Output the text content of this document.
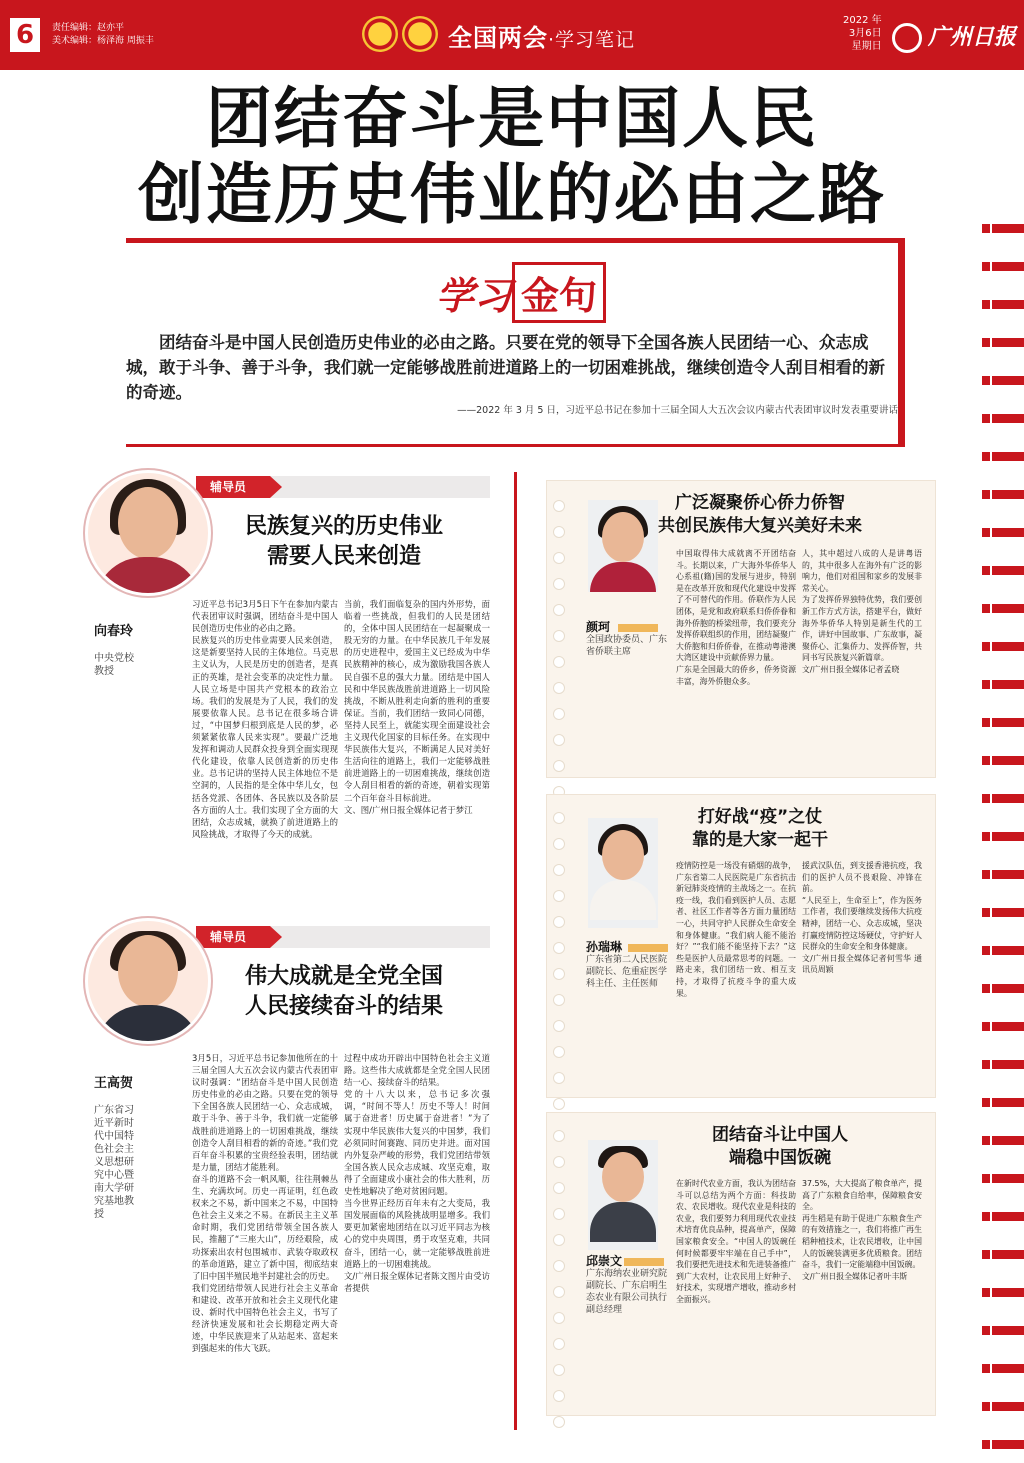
6	责任编辑：赵亦平
美术编辑：杨泽海 周振丰	全国两会·学习笔记
2022 年
3月6日
星期日	广州日报
团结奋斗是中国人民
创造历史伟业的必由之路
学习 金句
团结奋斗是中国人民创造历史伟业的必由之路。只要在党的领导下全国各族人民团结一心、众志成城，敢于斗争、善于斗争，我们就一定能够战胜前进道路上的一切困难挑战，继续创造令人刮目相看的新的奇迹。
——2022 年 3 月 5 日，习近平总书记在参加十三届全国人大五次会议内蒙古代表团审议时发表重要讲话
辅导员
民族复兴的历史伟业
需要人民来创造
向春玲
中央党校
教授
习近平总书记3月5日下午在参加内蒙古代表团审议时强调，团结奋斗是中国人民创造历史伟业的必由之路。
民族复兴的历史伟业需要人民来创造，这是新要坚持人民的主体地位。马克思主义认为，人民是历史的创造者，是真正的英雄，是社会变革的决定性力量。人民立场是中国共产党根本的政治立场。我们的发展是为了人民，我们的发展要依靠人民。总书记在很多场合讲过，“中国梦归根到底是人民的梦，必须紧紧依靠人民来实现”。要最广泛地发挥和调动人民群众投身到全面实现现代化建设，依靠人民创造新的历史伟业。总书记讲的坚持人民主体地位不是空洞的，人民指的是全体中华儿女，包括各党派、各团体、各民族以及各阶层各方面的人士。我们实现了全方面的大团结，众志成城，就换了前进道路上的风险挑战，才取得了今天的成就。
当前，我们面临复杂的国内外形势，面临着一些挑战，但我们的人民是团结的，全体中国人民团结在一起凝聚成一股无穷的力量。在中华民族几千年发展的历史进程中，爱国主义已经成为中华民族精神的核心，成为激励我国各族人民自强不息的强大力量。团结是中国人民和中华民族战胜前进道路上一切风险挑战，不断从胜利走向新的胜利的重要保证。当前，我们团结一致同心同德，坚持人民至上，就能实现全面建设社会主义现代化国家的目标任务。在实现中华民族伟大复兴，不断满足人民对美好生活向往的道路上，我们一定能够战胜前进道路上的一切困难挑战，继续创造令人刮目相看的新的奇迹，朝着实现第二个百年奋斗目标前进。
文、图/广州日报全媒体记者于梦江
辅导员
伟大成就是全党全国
人民接续奋斗的结果
王高贺
广东省习
近平新时
代中国特
色社会主
义思想研
究中心暨
南大学研
究基地教
授
3月5日，习近平总书记参加他所在的十三届全国人大五次会议内蒙古代表团审议时强调：“团结奋斗是中国人民创造历史伟业的必由之路。只要在党的领导下全国各族人民团结一心、众志成城，敢于斗争、善于斗争，我们就一定能够战胜前进道路上的一切困难挑战，继续创造令人刮目相看的新的奇迹。”我们党百年奋斗积累的宝贵经验表明，团结就是力量，团结才能胜利。
奋斗的道路不会一帆风顺，往往荆棘丛生、充满坎坷。历史一再证明，红色政权来之不易，新中国来之不易，中国特色社会主义来之不易。在新民主主义革命时期，我们党团结带领全国各族人民，推翻了“三座大山”，历经艰险，成功探索出农村包围城市、武装夺取政权的革命道路，建立了新中国，彻底结束了旧中国半殖民地半封建社会的历史。
我们党团结带领人民进行社会主义革命和建设、改革开放和社会主义现代化建设、新时代中国特色社会主义，书写了经济快速发展和社会长期稳定两大奇迹，中华民族迎来了从站起来、富起来到强起来的伟大飞跃。
过程中成功开辟出中国特色社会主义道路。这些伟大成就都是全党全国人民团结一心、接续奋斗的结果。
党的十八大以来，总书记多次强调，“时间不等人！历史不等人！时间属于奋进者！历史属于奋进者！”为了实现中华民族伟大复兴的中国梦，我们必须同时间赛跑、同历史并进。面对国内外复杂严峻的形势，我们党团结带领全国各族人民众志成城、攻坚克难，取得了全面建成小康社会的伟大胜利，历史性地解决了绝对贫困问题。
当今世界正经历百年未有之大变局，我国发展面临的风险挑战明显增多。我们要更加紧密地团结在以习近平同志为核心的党中央周围，勇于攻坚克难，共同奋斗，团结一心，就一定能够战胜前进道路上的一切困难挑战。
文/广州日报全媒体记者陈文图片由受访者提供
广泛凝聚侨心侨力侨智
共创民族伟大复兴美好未来
颜珂
全国政协委员、广东省侨联主席
中国取得伟大成就离不开团结奋斗。长期以来，广大海外华侨华人心系祖(籍)国的发展与进步，特别是在改革开放和现代化建设中发挥了不可替代的作用。侨联作为人民团体，是党和政府联系归侨侨眷和海外侨胞的桥梁纽带，我们要充分发挥侨联组织的作用，团结凝聚广大侨胞和归侨侨眷，在推动粤港澳大湾区建设中贡献侨界力量。
广东是全国最大的侨乡，侨务资源丰富，海外侨胞众多。
人，其中超过八成的人是讲粤语的，其中很多人在海外有广泛的影响力，他们对祖国和家乡的发展非常关心。
为了发挥侨界独特优势，我们要创新工作方式方法，搭建平台，做好海外华侨华人特别是新生代的工作，讲好中国故事、广东故事，凝聚侨心、汇集侨力、发挥侨智，共同书写民族复兴新篇章。
文/广州日报全媒体记者孟晓
打好战“疫”之仗
靠的是大家一起干
孙瑞琳
广东省第二人民医院副院长、危重症医学科主任、主任医师
疫情防控是一场没有硝烟的战争，广东省第二人民医院是广东省抗击新冠肺炎疫情的主战场之一。在抗疫一线，我们看到医护人员、志愿者、社区工作者等各方面力量团结一心，共同守护人民群众生命安全和身体健康。“我们病人能不能治好？”“我们能不能坚持下去？”这些是医护人员最常思考的问题。一路走来，我们团结一致、相互支持，才取得了抗疫斗争的重大成果。
援武汉队伍，到支援香港抗疫，我们的医护人员不畏艰险、冲锋在前。
“人民至上，生命至上”，作为医务工作者，我们要继续发扬伟大抗疫精神，团结一心、众志成城，坚决打赢疫情防控这场硬仗，守护好人民群众的生命安全和身体健康。
文/广州日报全媒体记者何雪华 通讯员周颖
团结奋斗让中国人
端稳中国饭碗
邱崇文
广东海纳农业研究院副院长、广东启明生态农业有限公司执行副总经理
在新时代农业方面，我认为团结奋斗可以总结为两个方面：科技助农、农民增收。现代农业是科技的农业，我们要努力利用现代农业技术培育优良品种，提高单产，保障国家粮食安全。“中国人的饭碗任何时候都要牢牢端在自己手中”，我们要把先进技术和先进装备推广到广大农村，让农民用上好种子、好技术，实现增产增收，推动乡村全面振兴。
37.5%，大大提高了粮食单产，提高了广东粮食自给率，保障粮食安全。
再生稻是有助于促进广东粮食生产的有效措施之一，我们将推广再生稻种植技术，让农民增收，让中国人的饭碗装满更多优质粮食。团结奋斗，我们一定能端稳中国饭碗。
文/广州日报全媒体记者叶丰斯
